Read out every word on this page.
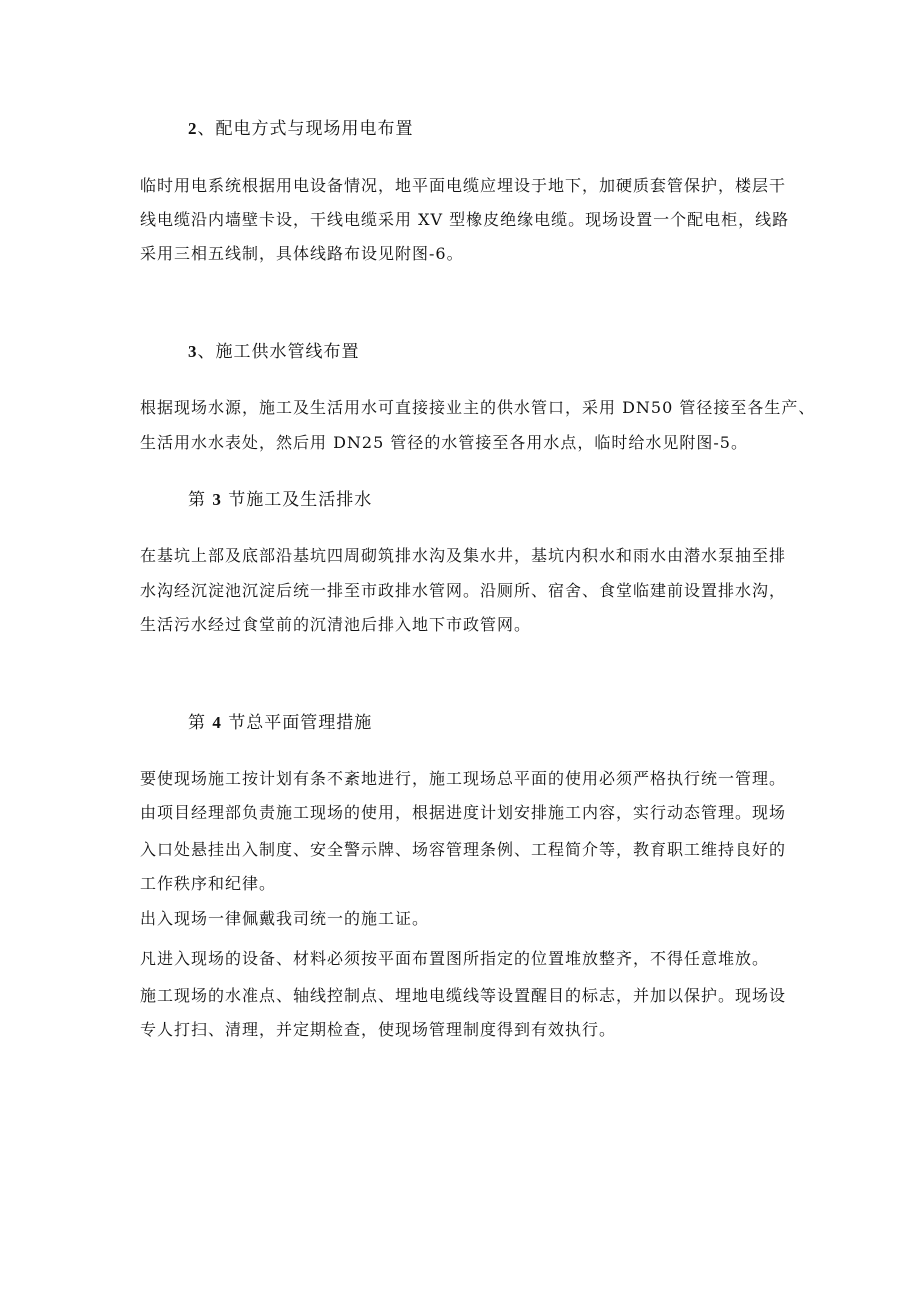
2、配电方式与现场用电布置
临时用电系统根据用电设备情况，地平面电缆应埋设于地下，加硬质套管保护，楼层干
线电缆沿内墙壁卡设，干线电缆采用 XV 型橡皮绝缘电缆。现场设置一个配电柜，线路
采用三相五线制，具体线路布设见附图-6。
3、施工供水管线布置
根据现场水源，施工及生活用水可直接接业主的供水管口，采用 DN50 管径接至各生产、
生活用水水表处，然后用 DN25 管径的水管接至各用水点，临时给水见附图-5。
第 3 节施工及生活排水
在基坑上部及底部沿基坑四周砌筑排水沟及集水井，基坑内积水和雨水由潜水泵抽至排
水沟经沉淀池沉淀后统一排至市政排水管网。沿厕所、宿舍、食堂临建前设置排水沟，
生活污水经过食堂前的沉清池后排入地下市政管网。
第 4 节总平面管理措施
要使现场施工按计划有条不紊地进行，施工现场总平面的使用必须严格执行统一管理。
由项目经理部负责施工现场的使用，根据进度计划安排施工内容，实行动态管理。现场
入口处悬挂出入制度、安全警示牌、场容管理条例、工程简介等，教育职工维持良好的
工作秩序和纪律。
出入现场一律佩戴我司统一的施工证。
凡进入现场的设备、材料必须按平面布置图所指定的位置堆放整齐，不得任意堆放。
施工现场的水准点、轴线控制点、埋地电缆线等设置醒目的标志，并加以保护。现场设
专人打扫、清理，并定期检查，使现场管理制度得到有效执行。
